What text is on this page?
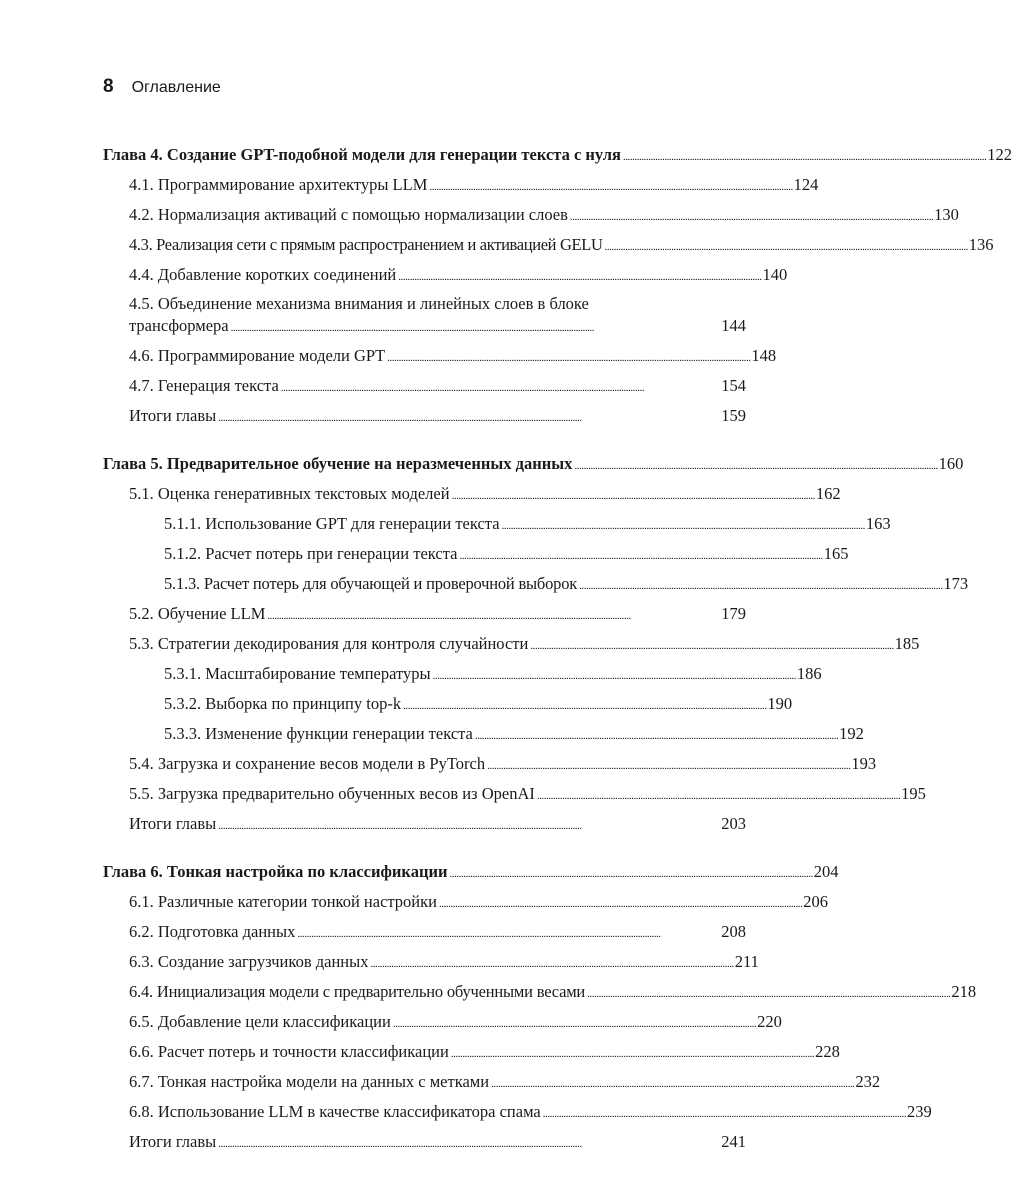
8 Оглавление
Глава 4. Создание GPT-подобной модели для генерации текста с нуля . . .	122
4.1. Программирование архитектуры LLM . . .	124
4.2. Нормализация активаций с помощью нормализации слоев . . .	130
4.3. Реализация сети с прямым распространением и активацией GELU . . .	136
4.4. Добавление коротких соединений . . .	140
4.5. Объединение механизма внимания и линейных слоев в блоке
трансформера . . .	144
4.6. Программирование модели GPT . . .	148
4.7. Генерация текста . . .	154
Итоги главы . . .	159
Глава 5. Предварительное обучение на неразмеченных данных . . .	160
5.1. Оценка генеративных текстовых моделей . . .	162
5.1.1. Использование GPT для генерации текста . . .	163
5.1.2. Расчет потерь при генерации текста . . .	165
5.1.3. Расчет потерь для обучающей и проверочной выборок . . .	173
5.2. Обучение LLM . . .	179
5.3. Стратегии декодирования для контроля случайности . . .	185
5.3.1. Масштабирование температуры . . .	186
5.3.2. Выборка по принципу top-k . . .	190
5.3.3. Изменение функции генерации текста . . .	192
5.4. Загрузка и сохранение весов модели в PyTorch . . .	193
5.5. Загрузка предварительно обученных весов из OpenAI . . .	195
Итоги главы . . .	203
Глава 6. Тонкая настройка по классификации . . .	204
6.1. Различные категории тонкой настройки . . .	206
6.2. Подготовка данных . . .	208
6.3. Создание загрузчиков данных . . .	211
6.4. Инициализация модели с предварительно обученными весами . . .	218
6.5. Добавление цели классификации . . .	220
6.6. Расчет потерь и точности классификации . . .	228
6.7. Тонкая настройка модели на данных с метками . . .	232
6.8. Использование LLM в качестве классификатора спама . . .	239
Итоги главы . . .	241
